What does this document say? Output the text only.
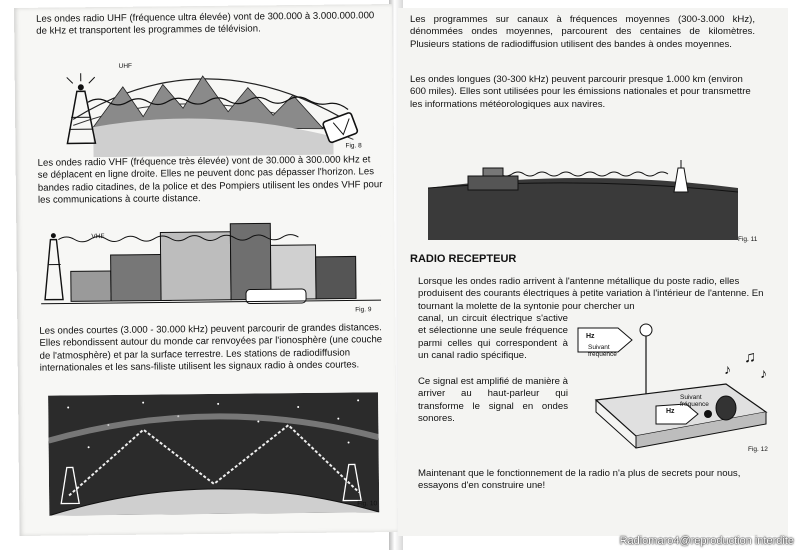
Les ondes radio UHF (fréquence ultra élevée) vont de 300.000 à 3.000.000.000 de kHz et transportent les programmes de télévision.

UHF
Fig. 8

Les ondes radio VHF (fréquence très élevée) vont de 30.000 à 300.000 kHz et se déplacent en ligne droite. Elles ne peuvent donc pas dépasser l'horizon. Les bandes radio citadines, de la police et des Pompiers utilisent les ondes VHF pour les communications à courte distance.

VHF
Fig. 9

Les ondes courtes (3.000 - 30.000 kHz) peuvent parcourir de grandes distances. Elles rebondissent autour du monde car renvoyées par l'ionosphère (une couche de l'atmosphère) et par la surface terrestre. Les stations de radiodiffusion internationales et les sans-filiste utilisent les signaux radio à ondes courtes.

Fig. 10

Les programmes sur canaux à fréquences moyennes (300-3.000 kHz), dénommées ondes moyennes, parcourent des centaines de kilomètres. Plusieurs stations de radiodiffusion utilisent des bandes à ondes moyennes.

Les ondes longues (30-300 kHz) peuvent parcourir presque 1.000 km (environ 600 miles). Elles sont utilisées pour les émissions nationales et pour transmettre les informations météorologiques aux navires.

Fig. 11
RADIO RECEPTEUR

Lorsque les ondes radio arrivent à l'antenne métallique du poste radio, elles produisent des courants électriques à petite variation à l'intérieur de l'antenne. En tournant la molette de la syntonie pour chercher un

canal, un circuit électrique s'active et sélectionne une seule fréquence parmi celles qui correspondent à un canal radio spécifique.

Ce signal est amplifié de manière à arriver au haut-parleur qui transforme le signal en ondes sonores.

♪
♫
♪
Hz
Suivant fréquence
Suivant fréquence
Hz
Fig. 12

Maintenant que le fonctionnement de la radio n'a plus de secrets pour nous, essayons d'en construire une!

Radiomaro4@reproduction interdite
